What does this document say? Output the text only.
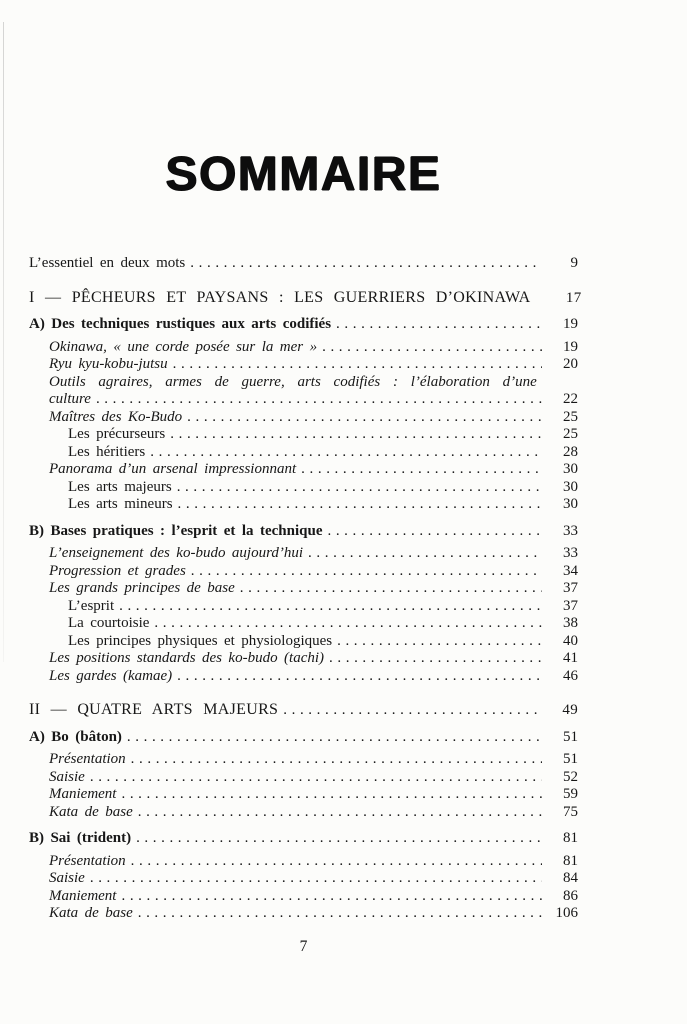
SOMMAIRE
L’essentiel en deux mots .....	9
I — PÊCHEURS ET PAYSANS : LES GUERRIERS D’OKINAWA	17
A) Des techniques rustiques aux arts codifiés .....	19
Okinawa, « une corde posée sur la mer » .....	19
Ryu kyu-kobu-jutsu .....	20
Outils agraires, armes de guerre, arts codifiés : l’élaboration d’une
culture .....	22
Maîtres des Ko-Budo .....	25
Les précurseurs .....	25
Les héritiers .....	28
Panorama d’un arsenal impressionnant .....	30
Les arts majeurs .....	30
Les arts mineurs .....	30
B) Bases pratiques : l’esprit et la technique .....	33
L’enseignement des ko-budo aujourd’hui .....	33
Progression et grades .....	34
Les grands principes de base .....	37
L’esprit .....	37
La courtoisie .....	38
Les principes physiques et physiologiques .....	40
Les positions standards des ko-budo (tachi) .....	41
Les gardes (kamae) .....	46
II — QUATRE ARTS MAJEURS .....	49
A) Bo (bâton) .....	51
Présentation .....	51
Saisie .....	52
Maniement .....	59
Kata de base .....	75
B) Sai (trident) .....	81
Présentation .....	81
Saisie .....	84
Maniement .....	86
Kata de base .....	106
7
